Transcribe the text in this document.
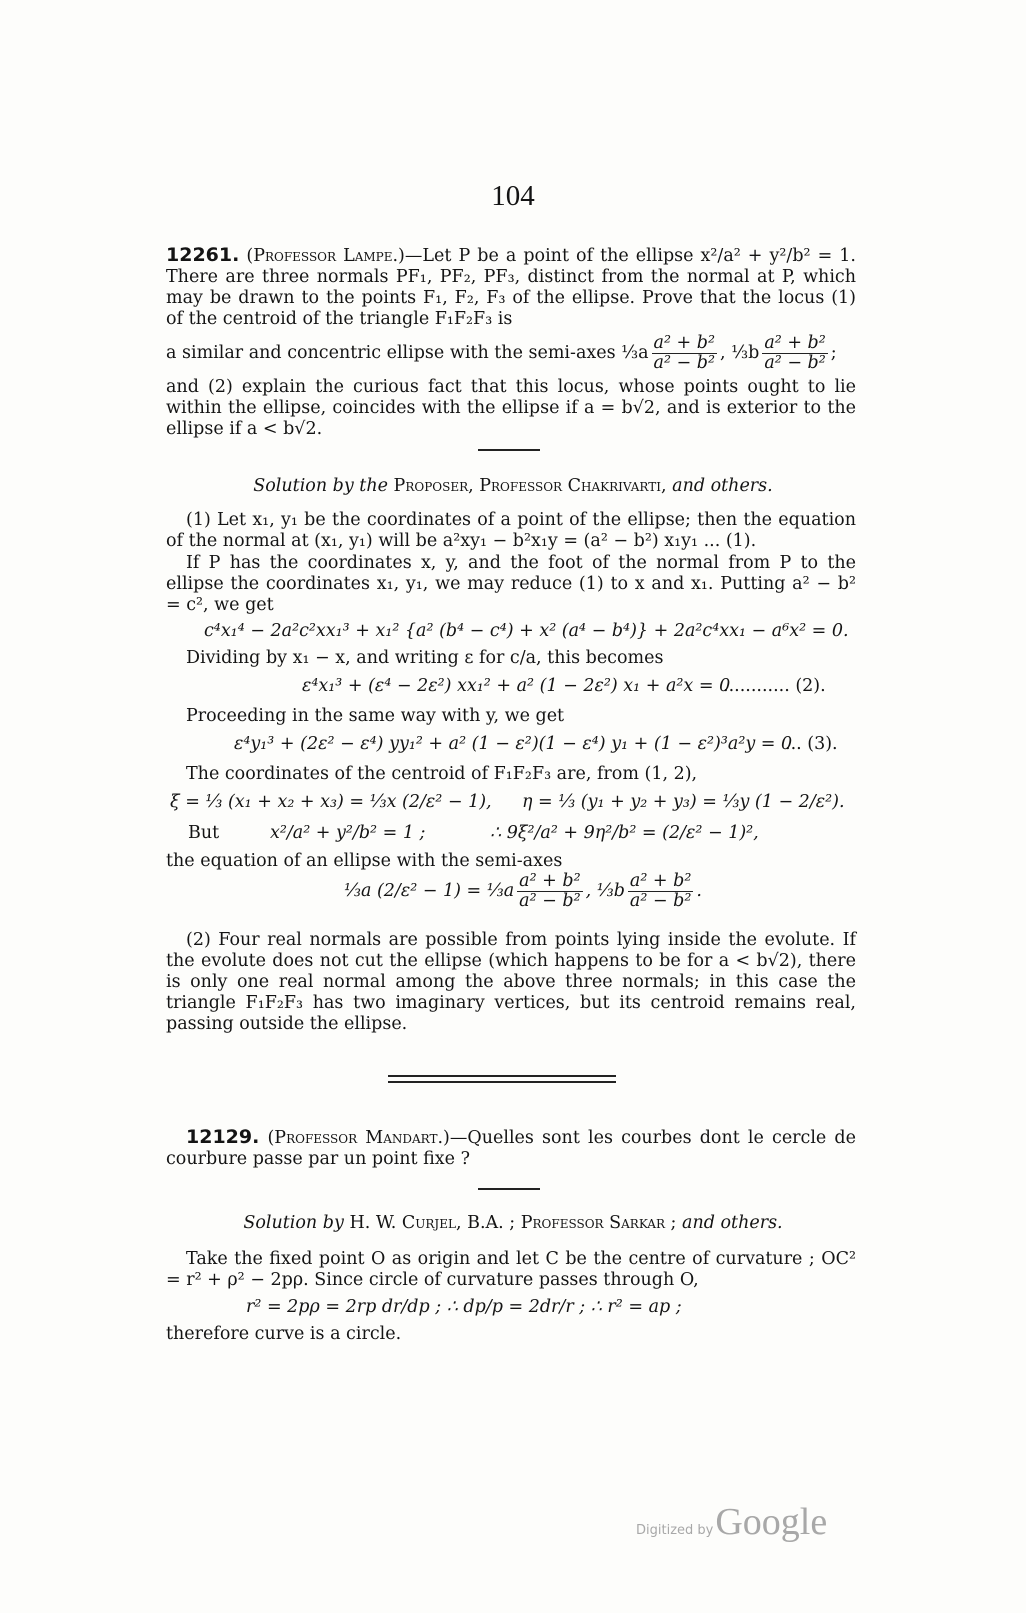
104

12261. (Professor Lampe.)—Let P be a point of the ellipse x²/a² + y²/b² = 1. There are three normals PF₁, PF₂, PF₃, distinct from the normal at P, which may be drawn to the points F₁, F₂, F₃ of the ellipse. Prove that the locus (1) of the centroid of the triangle F₁F₂F₃ is

a similar and concentric ellipse with the semi-axes ⅓a $\frac{\text{a² + b²}}{\text{a² − b²}}$ , ⅓b $\frac{\text{a² + b²}}{\text{a² − b²}}$ ;

and (2) explain the curious fact that this locus, whose points ought to lie within the ellipse, coincides with the ellipse if a = b√2, and is exterior to the ellipse if a < b√2.

Solution by the Proposer, Professor Chakrivarti, and others.
(1) Let x₁, y₁ be the coordinates of a point of the ellipse; then the equation of the normal at (x₁, y₁) will be a²xy₁ − b²x₁y = (a² − b²) x₁y₁ ... (1).
If P has the coordinates x, y, and the foot of the normal from P to the ellipse the coordinates x₁, y₁, we may reduce (1) to x and x₁. Putting a² − b² = c², we get
c⁴x₁⁴ − 2a²c²xx₁³ + x₁² {a² (b⁴ − c⁴) + x² (a⁴ − b⁴)} + 2a²c⁴xx₁ − a⁶x² = 0.
Dividing by x₁ − x, and writing ε for c/a, this becomes
ε⁴x₁³ + (ε⁴ − 2ε²) xx₁² + a² (1 − 2ε²) x₁ + a²x = 0
............ (2).
Proceeding in the same way with y, we get
ε⁴y₁³ + (2ε² − ε⁴) yy₁² + a² (1 − ε²)(1 − ε⁴) y₁ + (1 − ε²)³a²y = 0
... (3).
The coordinates of the centroid of F₁F₂F₃ are, from (1, 2),
ξ = ⅓ (x₁ + x₂ + x₃) = ⅓x (2/ε² − 1), η = ⅓ (y₁ + y₂ + y₃) = ⅓y (1 − 2/ε²).
But	x²/a² + y²/b² = 1 ;	∴ 9ξ²/a² + 9η²/b² = (2/ε² − 1)²,
the equation of an ellipse with the semi-axes
⅓a (2/ε² − 1) = ⅓a $\frac{\text{a² + b²}}{\text{a² − b²}}$ , ⅓b $\frac{\text{a² + b²}}{\text{a² − b²}}$ .
(2) Four real normals are possible from points lying inside the evolute. If the evolute does not cut the ellipse (which happens to be for a < b√2), there is only one real normal among the above three normals; in this case the triangle F₁F₂F₃ has two imaginary vertices, but its centroid remains real, passing outside the ellipse.
12129. (Professor Mandart.)—Quelles sont les courbes dont le cercle de courbure passe par un point fixe ?
Solution by H. W. Curjel, B.A. ; Professor Sarkar ; and others.
Take the fixed point O as origin and let C be the centre of curvature ; OC² = r² + ρ² − 2pρ. Since circle of curvature passes through O,
r² = 2pρ = 2rp dr/dp ; ∴ dp/p = 2dr/r ; ∴ r² = ap ;
therefore curve is a circle.
Digitized byGoogle
